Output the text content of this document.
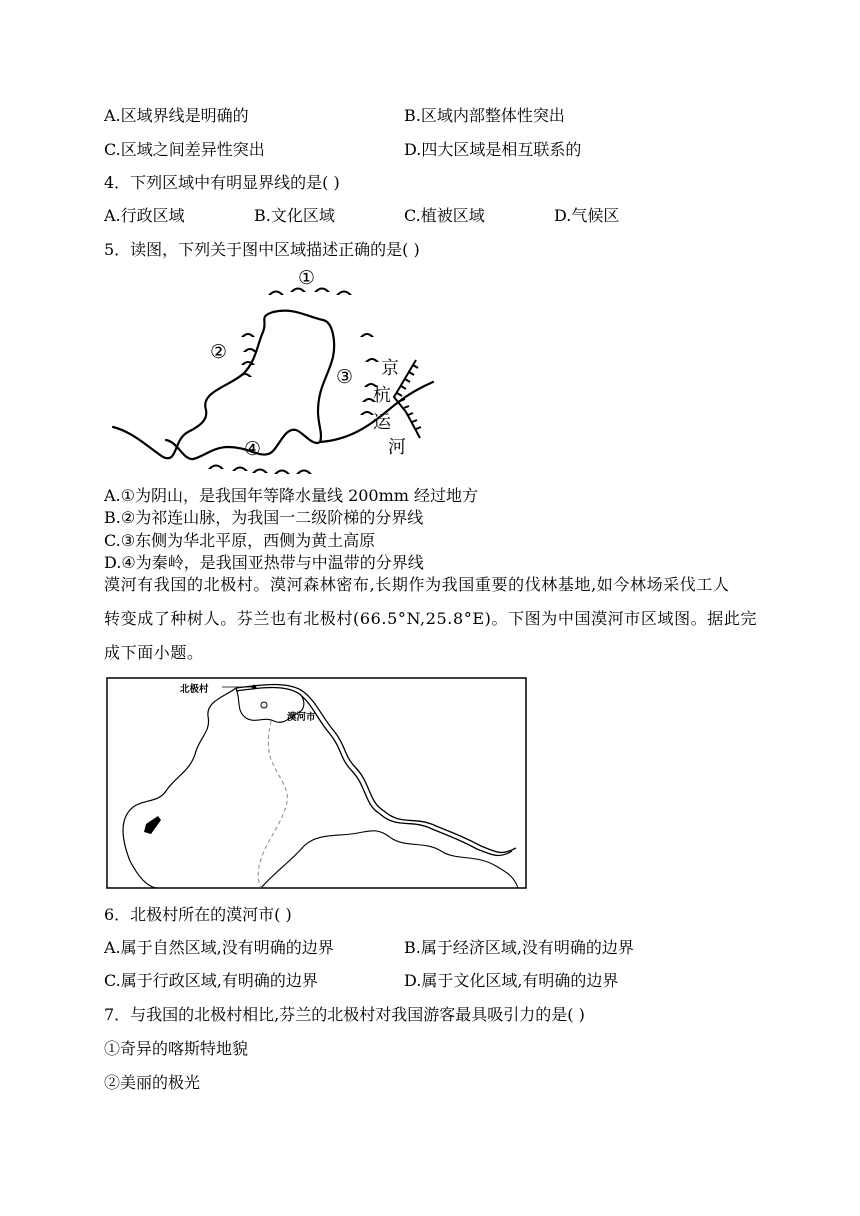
A.区域界线是明确的	B.区域内部整体性突出
C.区域之间差异性突出	D.四大区域是相互联系的
4．下列区域中有明显界线的是( )
A.行政区域	B.文化区域	C.植被区域	D.气候区
5．读图，下列关于图中区域描述正确的是( )
①
②
③
④
京
杭
运
河
A.①为阴山，是我国年等降水量线 200mm 经过地方
B.②为祁连山脉，为我国一二级阶梯的分界线
C.③东侧为华北平原，西侧为黄土高原
D.④为秦岭，是我国亚热带与中温带的分界线
漠河有我国的北极村。漠河森林密布,长期作为我国重要的伐林基地,如今林场采伐工人
转变成了种树人。芬兰也有北极村(66.5°N,25.8°E)。下图为中国漠河市区域图。据此完
成下面小题。
北极村
漠河市
6．北极村所在的漠河市( )
A.属于自然区域,没有明确的边界	B.属于经济区域,没有明确的边界
C.属于行政区域,有明确的边界	D.属于文化区域,有明确的边界
7．与我国的北极村相比,芬兰的北极村对我国游客最具吸引力的是( )
①奇异的喀斯特地貌
②美丽的极光
